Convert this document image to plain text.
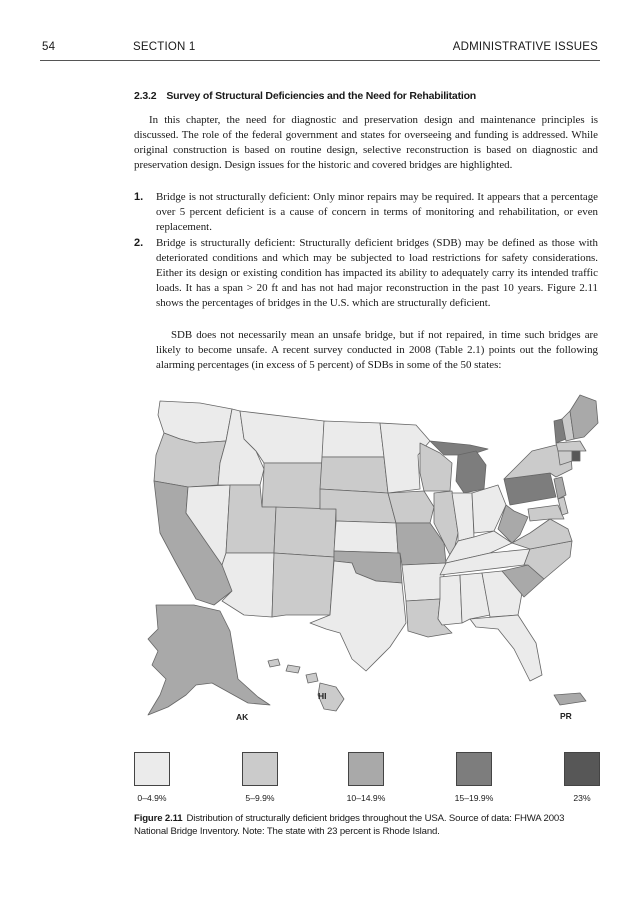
54	SECTION 1	ADMINISTRATIVE ISSUES
2.3.2 Survey of Structural Deficiencies and the Need for Rehabilitation
In this chapter, the need for diagnostic and preservation design and maintenance principles is discussed. The role of the federal government and states for overseeing and funding is addressed. While original construction is based on routine design, selective reconstruction is based on diagnostic and preservation design. Design issues for the historic and covered bridges are highlighted.
1. Bridge is not structurally deficient: Only minor repairs may be required. It appears that a percentage over 5 percent deficient is a cause of concern in terms of monitoring and rehabilitation, or even replacement.
2. Bridge is structurally deficient: Structurally deficient bridges (SDB) may be defined as those with deteriorated conditions and which may be subjected to load restrictions for safety considerations. Either its design or existing condition has impacted its ability to adequately carry its intended traffic loads. It has a span > 20 ft and has not had major reconstruction in the past 10 years. Figure 2.11 shows the percentages of bridges in the U.S. which are structurally deficient.
SDB does not necessarily mean an unsafe bridge, but if not repaired, in time such bridges are likely to become unsafe. A recent survey conducted in 2008 (Table 2.1) points out the following alarming percentages (in excess of 5 percent) of SDBs in some of the 50 states:
AK
HI
PR
0–4.9%	5–9.9%	10–14.9%	15–19.9%	23%
Figure 2.11 Distribution of structurally deficient bridges throughout the USA. Source of data: FHWA 2003 National Bridge Inventory. Note: The state with 23 percent is Rhode Island.
